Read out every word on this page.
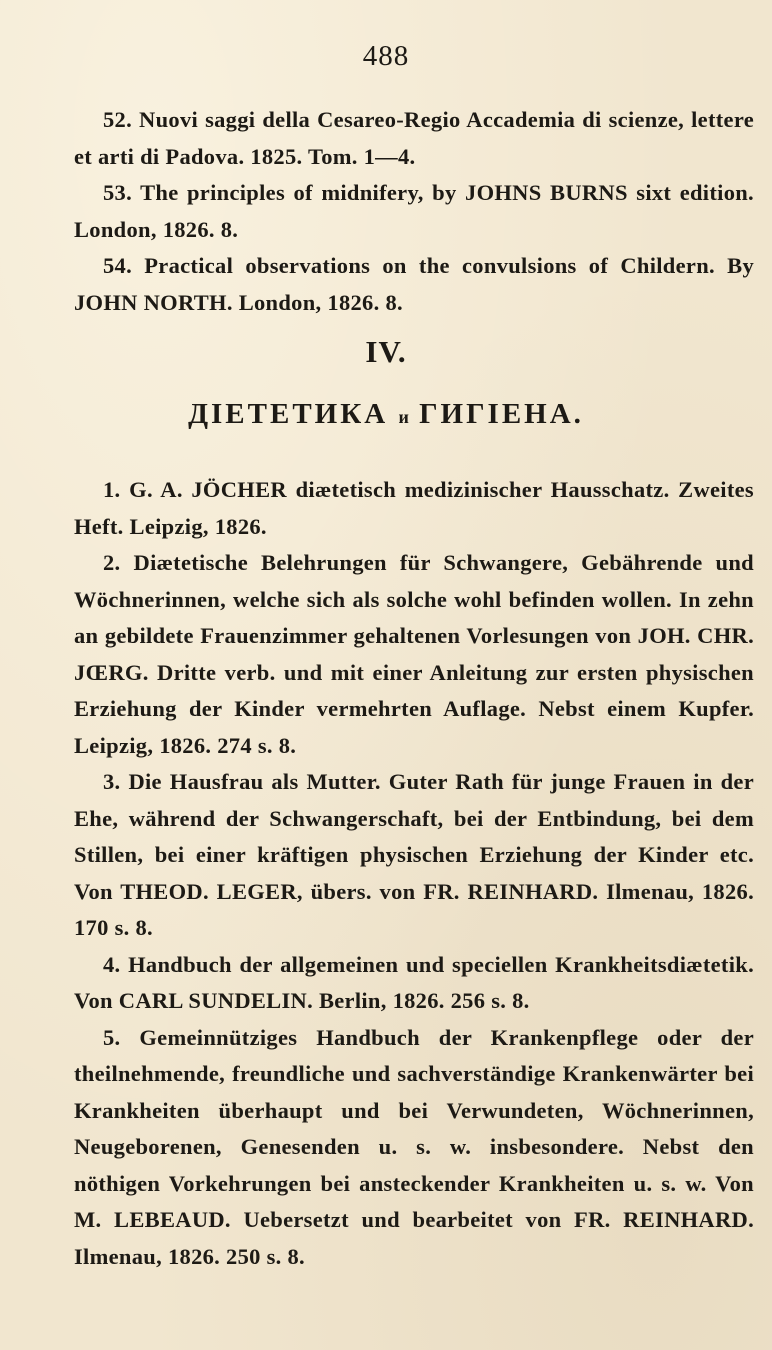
488

52. Nuovi saggi della Cesareo-Regio Accademia di scienze, lettere et arti di Padova. 1825. Tom. 1—4.

53. The principles of midnifery, by JOHNS BURNS sixt edition. London, 1826. 8.

54. Practical observations on the convulsions of Childern. By JOHN NORTH. London, 1826. 8.

IV.
ДIЕТЕТИКА и ГИГIЕНА.

1. G. A. JÖCHER diætetisch medizinischer Hausschatz. Zweites Heft. Leipzig, 1826.

2. Diætetische Belehrungen für Schwangere, Gebährende und Wöchnerinnen, welche sich als solche wohl befinden wollen. In zehn an gebildete Frauenzimmer gehaltenen Vorlesungen von JOH. CHR. JŒRG. Dritte verb. und mit einer Anleitung zur ersten physischen Erziehung der Kinder vermehrten Auflage. Nebst einem Kupfer. Leipzig, 1826. 274 s. 8.

3. Die Hausfrau als Mutter. Guter Rath für junge Frauen in der Ehe, während der Schwangerschaft, bei der Entbindung, bei dem Stillen, bei einer kräftigen physischen Erziehung der Kinder etc. Von THEOD. LEGER, übers. von FR. REINHARD. Ilmenau, 1826. 170 s. 8.

4. Handbuch der allgemeinen und speciellen Krankheitsdiætetik. Von CARL SUNDELIN. Berlin, 1826. 256 s. 8.

5. Gemeinnütziges Handbuch der Krankenpflege oder der theilnehmende, freundliche und sachverständige Krankenwärter bei Krankheiten überhaupt und bei Verwundeten, Wöchnerinnen, Neugeborenen, Genesenden u. s. w. insbesondere. Nebst den nöthigen Vorkehrungen bei ansteckender Krankheiten u. s. w. Von M. LEBEAUD. Uebersetzt und bearbeitet von FR. REINHARD. Ilmenau, 1826. 250 s. 8.
